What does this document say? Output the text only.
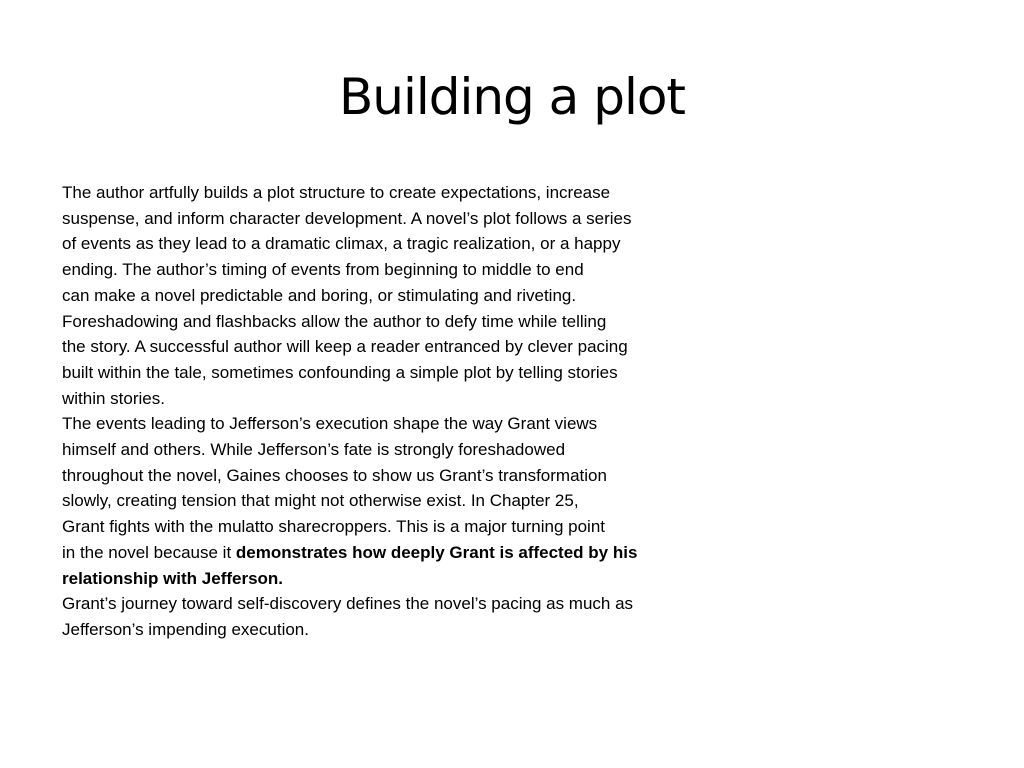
Building a plot
The author artfully builds a plot structure to create expectations, increase
suspense, and inform character development. A novel’s plot follows a series
of events as they lead to a dramatic climax, a tragic realization, or a happy
ending. The author’s timing of events from beginning to middle to end
can make a novel predictable and boring, or stimulating and riveting.
Foreshadowing and flashbacks allow the author to defy time while telling
the story. A successful author will keep a reader entranced by clever pacing
built within the tale, sometimes confounding a simple plot by telling stories
within stories.
The events leading to Jefferson’s execution shape the way Grant views
himself and others. While Jefferson’s fate is strongly foreshadowed
throughout the novel, Gaines chooses to show us Grant’s transformation
slowly, creating tension that might not otherwise exist. In Chapter 25,
Grant fights with the mulatto sharecroppers. This is a major turning point
in the novel because it demonstrates how deeply Grant is affected by his
relationship with Jefferson.
Grant’s journey toward self-discovery defines the novel’s pacing as much as
Jefferson’s impending execution.
